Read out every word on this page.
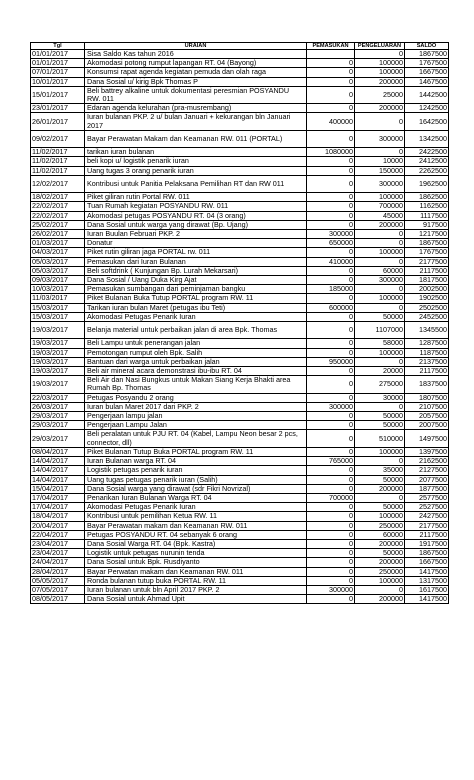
Tgl	URAIAN	PEMASUKAN	PENGELUARAN	SALDO
01/01/2017	Sisa Saldo Kas tahun 2016		0	1867500
01/01/2017	Akomodasi potong rumput lapangan RT. 04 (Bayong)	0	100000	1767500
07/01/2017	Konsumsi rapat agenda kegiatan pemuda dan olah raga	0	100000	1667500
10/01/2017	Dana Sosial u/ kirig Bpk Thomas P	0	200000	1467500
15/01/2017	Beli battrey alkaline untuk dokumentasi peresmian POSYANDU RW. 011	0	25000	1442500
23/01/2017	Edaran agenda kelurahan (pra-musrembang)	0	200000	1242500
26/01/2017	Iuran bulanan PKP. 2 u/ bulan Januari + kekurangan bln Januari 2017	400000	0	1642500
09/02/2017	Bayar Perawatan Makam dan Keamanan RW. 011 (PORTAL)	0	300000	1342500
11/02/2017	tarikan iuran bulanan	1080000	0	2422500
11/02/2017	beli kopi u/ logistik penarik iuran	0	10000	2412500
11/02/2017	Uang tugas 3 orang penarik iuran	0	150000	2262500
12/02/2017	Kontribusi untuk Panitia Pelaksana Pemilihan RT dan RW 011	0	300000	1962500
18/02/2017	Piket giliran rutin Portal RW. 011	0	100000	1862500
22/02/2017	Tuan Rumah kegiatan POSYANDU RW. 011	0	700000	1162500
22/02/2017	Akomodasi petugas POSYANDU RT. 04 (3 orang)	0	45000	1117500
25/02/2017	Dana Sosial untuk warga yang dirawat (Bp. Ujang)	0	200000	917500
26/02/2017	Iuran Buulan Februari PKP. 2	300000	0	1217500
01/03/2017	Donatur	650000	0	1867500
04/03/2017	Piket rutin giliran jaga PORTAL rw. 011	0	100000	1767500
05/03/2017	Pemasukan dari Iuran Bulanan	410000	0	2177500
05/03/2017	Beli softdrink ( Kunjungan Bp. Lurah Mekarsari)	0	60000	2117500
09/03/2017	Dana Sosial / Uang Duka Kirg Ajat	0	300000	1817500
10/03/2017	Pemasukan sumbangan dari peminjaman bangku	185000	0	2002500
11/03/2017	Piket Bulanan Buka Tutup PORTAL program RW. 11	0	100000	1902500
15/03/2017	Tarikan iuran bulan Maret (petugas ibu Teti)	600000	0	2502500
15/03/2017	Akomodasi Petugas Penarik Iuran	0	50000	2452500
19/03/2017	Belanja material untuk perbaikan jalan di area Bpk. Thomas	0	1107000	1345500
19/03/2017	Beli Lampu untuk penerangan jalan	0	58000	1287500
19/03/2017	Pemotongan rumput oleh Bpk. Salih	0	100000	1187500
19/03/2017	Bantuan dari warga untuk perbaikan jalan	950000	0	2137500
19/03/2017	Beli air mineral acara demonstrasi ibu-ibu RT. 04	0	20000	2117500
19/03/2017	Beli Air dan Nasi Bungkus untuk Makan Siang Kerja Bhakti area Rumah Bp. Thomas	0	275000	1837500
22/03/2017	Petugas Posyandu 2 orang	0	30000	1807500
26/03/2017	Iuran bulan Maret 2017 dari PKP. 2	300000	0	2107500
29/03/2017	Pengerjaan lampu jalan	0	50000	2057500
29/03/2017	Pengerjaan Lampu Jalan	0	50000	2007500
29/03/2017	Beli peralatan untuk PJU RT. 04 (Kabel, Lampu Neon besar 2 pcs, connector, dll)	0	510000	1497500
08/04/2017	Piket Bulanan Tutup Buka PORTAL program RW. 11	0	100000	1397500
14/04/2017	Iuran Bulanan warga RT. 04	765000	0	2162500
14/04/2017	Logistik petugas penarik iuran	0	35000	2127500
14/04/2017	Uang tugas petugas penarik iuran (Salih)	0	50000	2077500
15/04/2017	Dana Sosial warga yang dirawat (sdr Fikri Novrizal)	0	200000	1877500
17/04/2017	Penarikan Iuran Bulanan Warga RT. 04	700000	0	2577500
17/04/2017	Akomodasi Petugas Penarik Iuran	0	50000	2527500
18/04/2017	Kontribusi untuk pemilihan Ketua RW. 11	0	100000	2427500
20/04/2017	Bayar Perawatan makam dan Keamanan RW. 011	0	250000	2177500
22/04/2017	Petugas POSYANDU RT. 04 sebanyak 6 orang	0	60000	2117500
23/04/2017	Dana Sosial Warga RT. 04 (Bpk. Kastra)	0	200000	1917500
23/04/2017	Logistik untuk petugas nurunin tenda	0	50000	1867500
24/04/2017	Dana Sosial untuk Bpk. Rusdiyanto	0	200000	1667500
28/04/2017	Bayar Perwatan makam dan Keamanan RW. 011	0	250000	1417500
05/05/2017	Ronda bulanan tutup buka PORTAL RW. 11	0	100000	1317500
07/05/2017	Iuran bulanan untuk bln April 2017 PKP. 2	300000	0	1617500
08/05/2017	Dana Sosial untuk Ahmad Upit	0	200000	1417500
